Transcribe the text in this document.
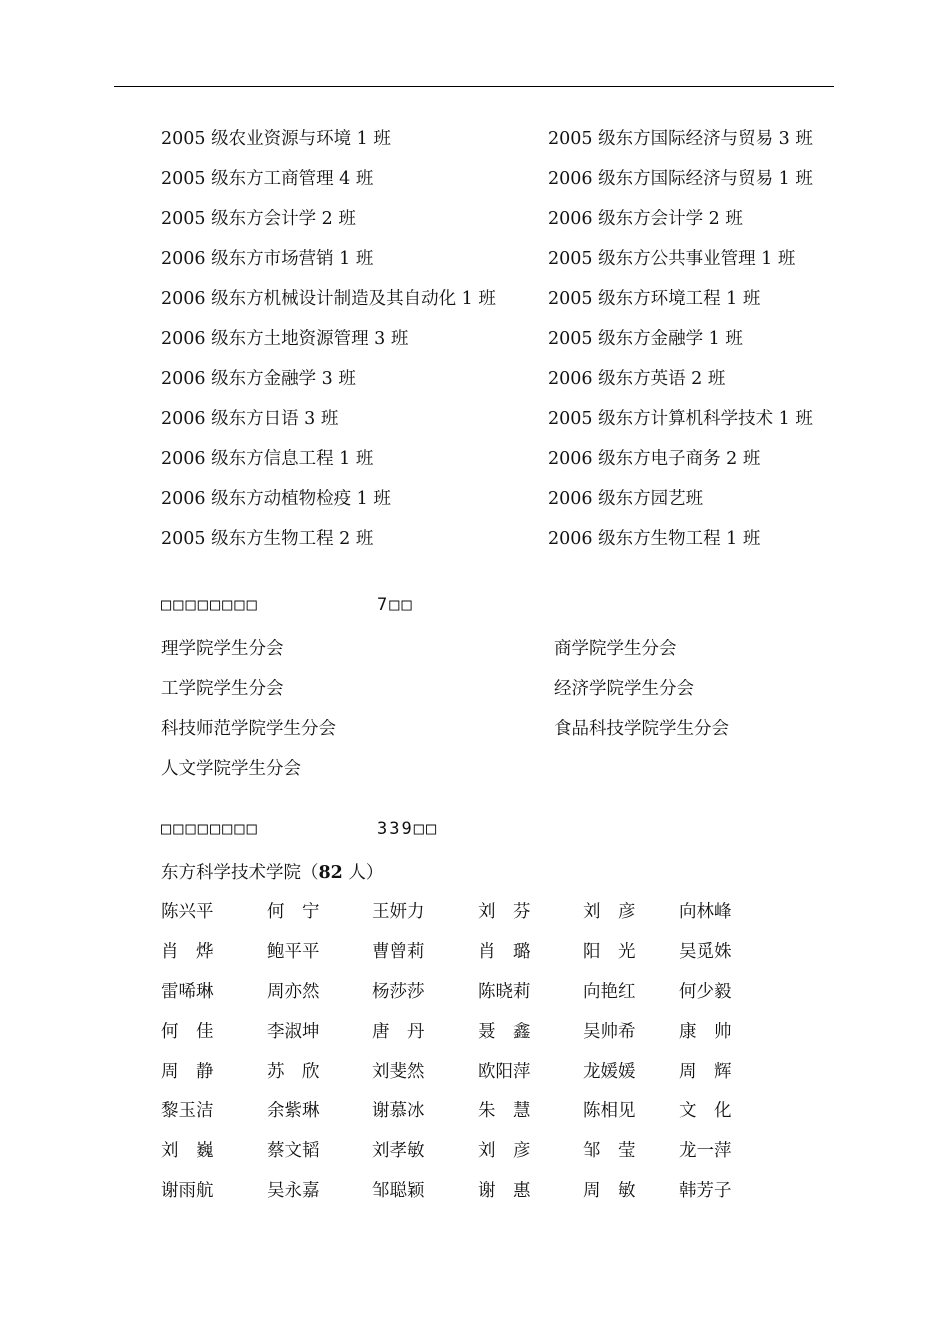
2005 级农业资源与环境 1 班	2005 级东方国际经济与贸易 3 班
2005 级东方工商管理 4 班	2006 级东方国际经济与贸易 1 班
2005 级东方会计学 2 班	2006 级东方会计学 2 班
2006 级东方市场营销 1 班	2005 级东方公共事业管理 1 班
2006 级东方机械设计制造及其自动化 1 班	2005 级东方环境工程 1 班
2006 级东方土地资源管理 3 班	2005 级东方金融学 1 班
2006 级东方金融学 3 班	2006 级东方英语 2 班
2006 级东方日语 3 班	2005 级东方计算机科学技术 1 班
2006 级东方信息工程 1 班	2006 级东方电子商务 2 班
2006 级东方动植物检疫 1 班	2006 级东方园艺班
2005 级东方生物工程 2 班	2006 级东方生物工程 1 班
□□□□□□□□	7□□
理学院学生分会	商学院学生分会
工学院学生分会	经济学院学生分会
科技师范学院学生分会	食品科技学院学生分会
人文学院学生分会
□□□□□□□□	339□□
东方科学技术学院（82 人）
陈兴平	何　宁	王妍力	刘　芬	刘　彦	向林峰
肖　烨	鲍平平	曹曾莉	肖　璐	阳　光	吴觅姝
雷唏琳	周亦然	杨莎莎	陈晓莉	向艳红	何少毅
何　佳	李淑坤	唐　丹	聂　鑫	吴帅希	康　帅
周　静	苏　欣	刘斐然	欧阳萍	龙媛媛	周　辉
黎玉洁	余紫琳	谢慕冰	朱　慧	陈相见	文　化
刘　巍	蔡文韬	刘孝敏	刘　彦	邹　莹	龙一萍
谢雨航	吴永嘉	邹聪颖	谢　惠	周　敏	韩芳子
